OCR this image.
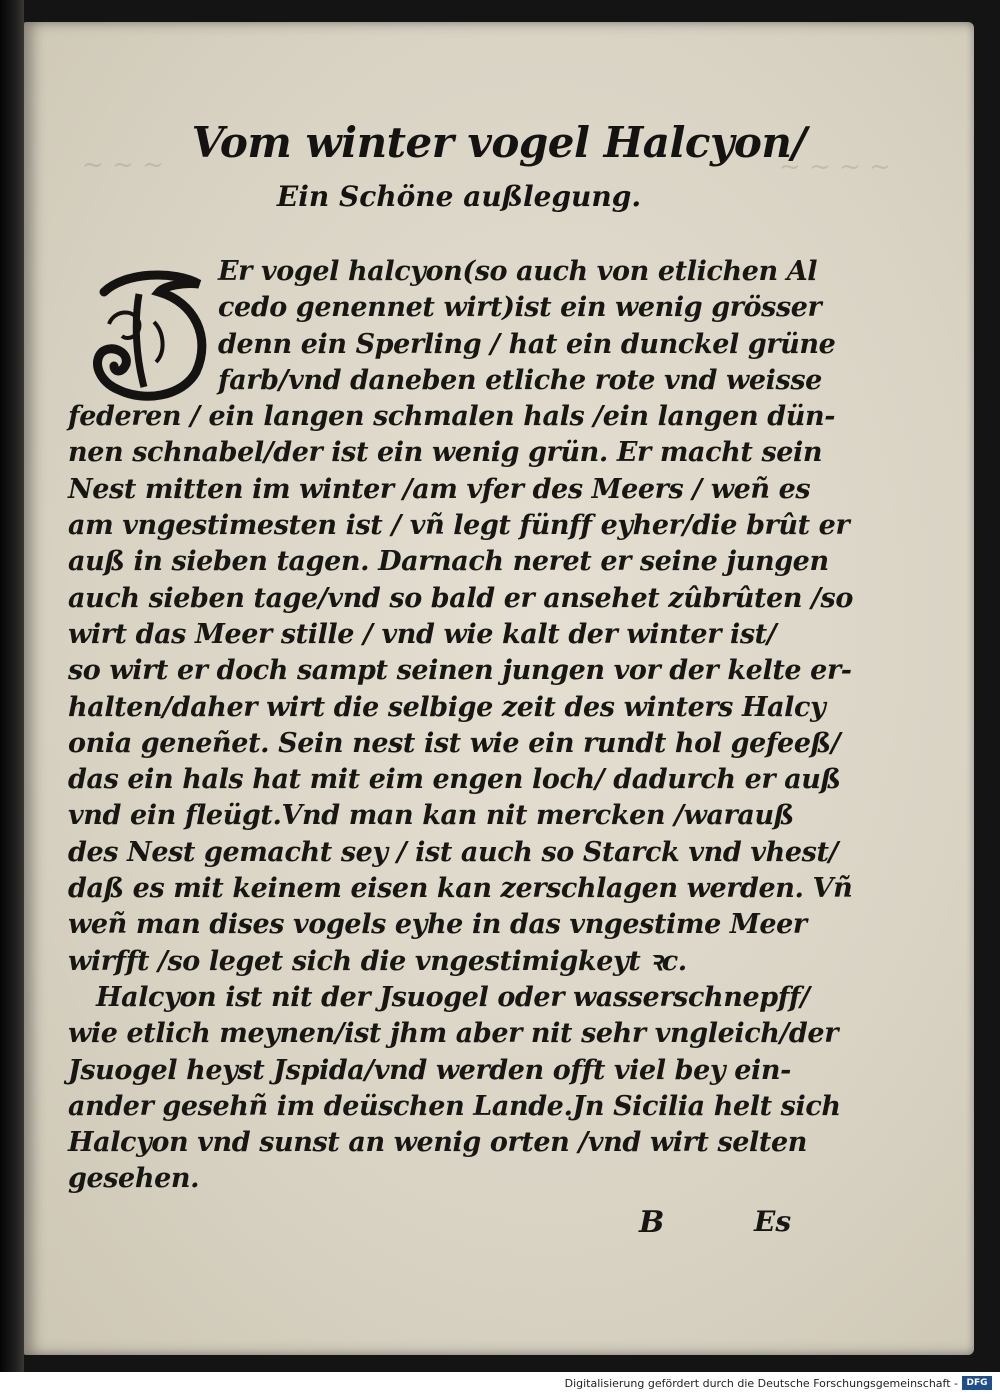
~ ~ ~	~ ~ ~ ~
Vom winter vogel Halcyon/
Ein Schöne außlegung.
Er vogel halcyon(so auch von etlichen Al
cedo genennet wirt)ist ein wenig grösser
denn ein Sperling / hat ein dunckel grüne
farb/vnd daneben etliche rote vnd weisse
federen / ein langen schmalen hals /ein langen dün-
nen schnabel/der ist ein wenig grün. Er macht sein
Nest mitten im winter /am vfer des Meers / weñ es
am vngestimesten ist / vñ legt fünff eyher/die brût er
auß in sieben tagen. Darnach neret er seine jungen
auch sieben tage/vnd so bald er ansehet zûbrûten /so
wirt das Meer stille / vnd wie kalt der winter ist/
so wirt er doch sampt seinen jungen vor der kelte er-
halten/daher wirt die selbige zeit des winters Halcy
onia geneñet. Sein nest ist wie ein rundt hol gefeeß/
das ein hals hat mit eim engen loch/ dadurch er auß
vnd ein fleügt.Vnd man kan nit mercken /warauß
des Nest gemacht sey / ist auch so Starck vnd vhest/
daß es mit keinem eisen kan zerschlagen werden. Vñ
weñ man dises vogels eyhe in das vngestime Meer
wirfft /so leget sich die vngestimigkeyt ꝛc.
Halcyon ist nit der Jsuogel oder wasserschnepff/
wie etlich meynen/ist jhm aber nit sehr vngleich/der
Jsuogel heyst Jspida/vnd werden offt viel bey ein-
ander gesehñ im deüschen Lande.Jn Sicilia helt sich
Halcyon vnd sunst an wenig orten /vnd wirt selten
gesehen.
B	Es
Digitalisierung gefördert durch die Deutsche Forschungsgemeinschaft - DFG
